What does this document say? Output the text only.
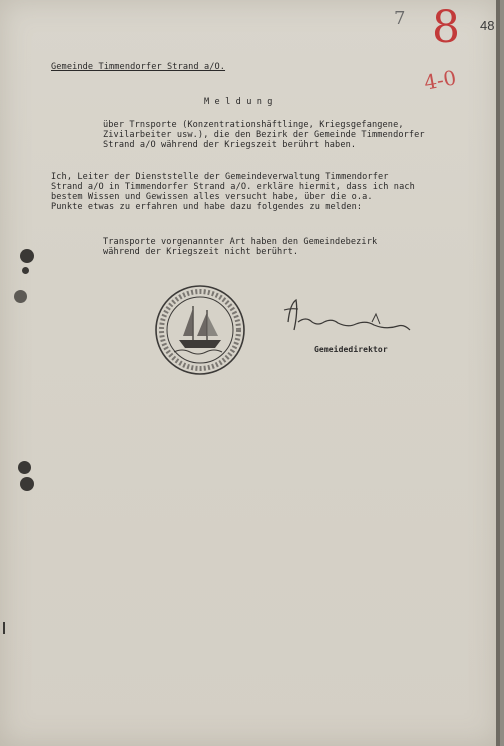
7 8 48
4-0
Gemeinde Timmendorfer Strand a/O.
M e l d u n g
über Trnsporte (Konzentrationshäftlinge, Kriegsgefangene,
Zivilarbeiter usw.), die den Bezirk der Gemeinde Timmendorfer
Strand a/O während der Kriegszeit berührt haben.
Ich, Leiter der Dienststelle der Gemeindeverwaltung Timmendorfer
Strand a/O in Timmendorfer Strand a/O. erkläre hiermit, dass ich nach
bestem Wissen und Gewissen alles versucht habe, über die o.a.
Punkte etwas zu erfahren und habe dazu folgendes zu melden:
Transporte vorgenannter Art haben den Gemeindebezirk
während der Kriegszeit nicht berührt.
Gemeidedirektor
